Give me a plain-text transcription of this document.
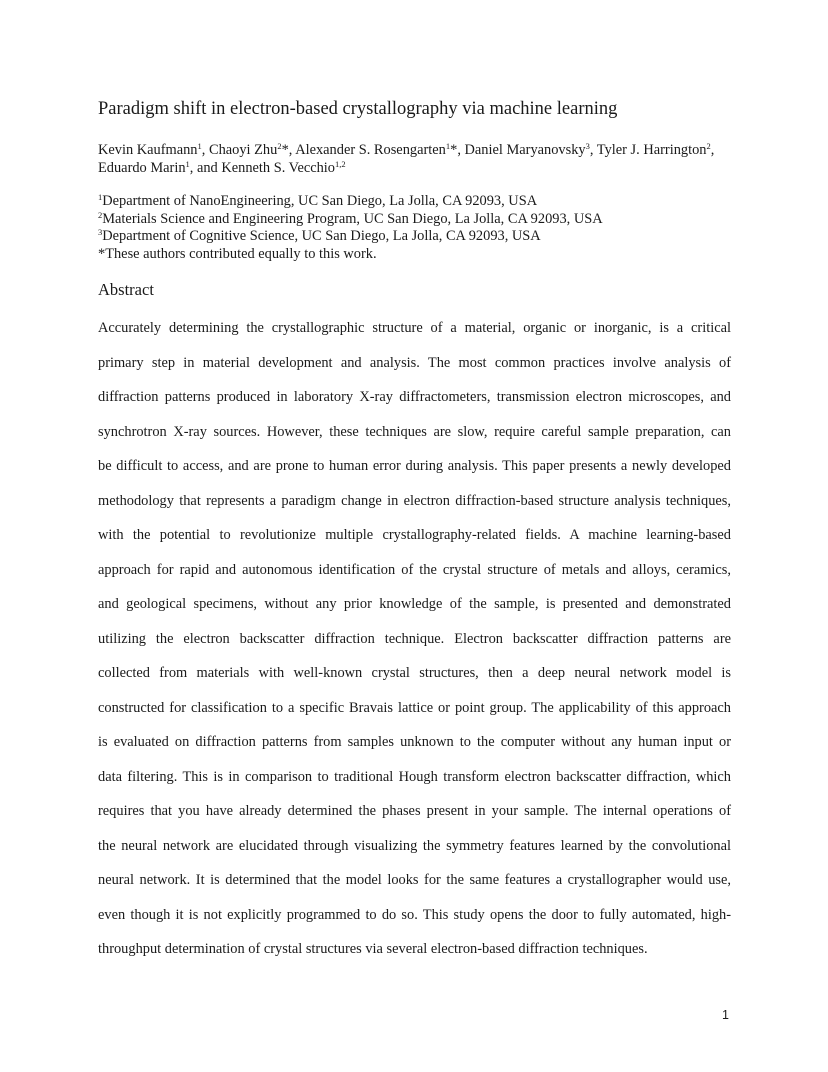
Paradigm shift in electron-based crystallography via machine learning
Kevin Kaufmann$^1$, Chaoyi Zhu$^2$*, Alexander S. Rosengarten$^1$*, Daniel Maryanovsky$^3$, Tyler J. Harrington$^2$,
Eduardo Marin$^1$, and Kenneth S. Vecchio$^{1,2}$
$^1$Department of NanoEngineering, UC San Diego, La Jolla, CA 92093, USA
$^2$Materials Science and Engineering Program, UC San Diego, La Jolla, CA 92093, USA
$^3$Department of Cognitive Science, UC San Diego, La Jolla, CA 92093, USA
*These authors contributed equally to this work.
Abstract
Accurately determining the crystallographic structure of a material, organic or inorganic, is a critical
primary step in material development and analysis. The most common practices involve analysis of
diffraction patterns produced in laboratory X-ray diffractometers, transmission electron microscopes, and
synchrotron X-ray sources. However, these techniques are slow, require careful sample preparation, can
be difficult to access, and are prone to human error during analysis. This paper presents a newly developed
methodology that represents a paradigm change in electron diffraction-based structure analysis techniques,
with the potential to revolutionize multiple crystallography-related fields. A machine learning-based
approach for rapid and autonomous identification of the crystal structure of metals and alloys, ceramics,
and geological specimens, without any prior knowledge of the sample, is presented and demonstrated
utilizing the electron backscatter diffraction technique. Electron backscatter diffraction patterns are
collected from materials with well-known crystal structures, then a deep neural network model is
constructed for classification to a specific Bravais lattice or point group. The applicability of this approach
is evaluated on diffraction patterns from samples unknown to the computer without any human input or
data filtering. This is in comparison to traditional Hough transform electron backscatter diffraction, which
requires that you have already determined the phases present in your sample. The internal operations of
the neural network are elucidated through visualizing the symmetry features learned by the convolutional
neural network. It is determined that the model looks for the same features a crystallographer would use,
even though it is not explicitly programmed to do so. This study opens the door to fully automated, high-
throughput determination of crystal structures via several electron-based diffraction techniques.
1
